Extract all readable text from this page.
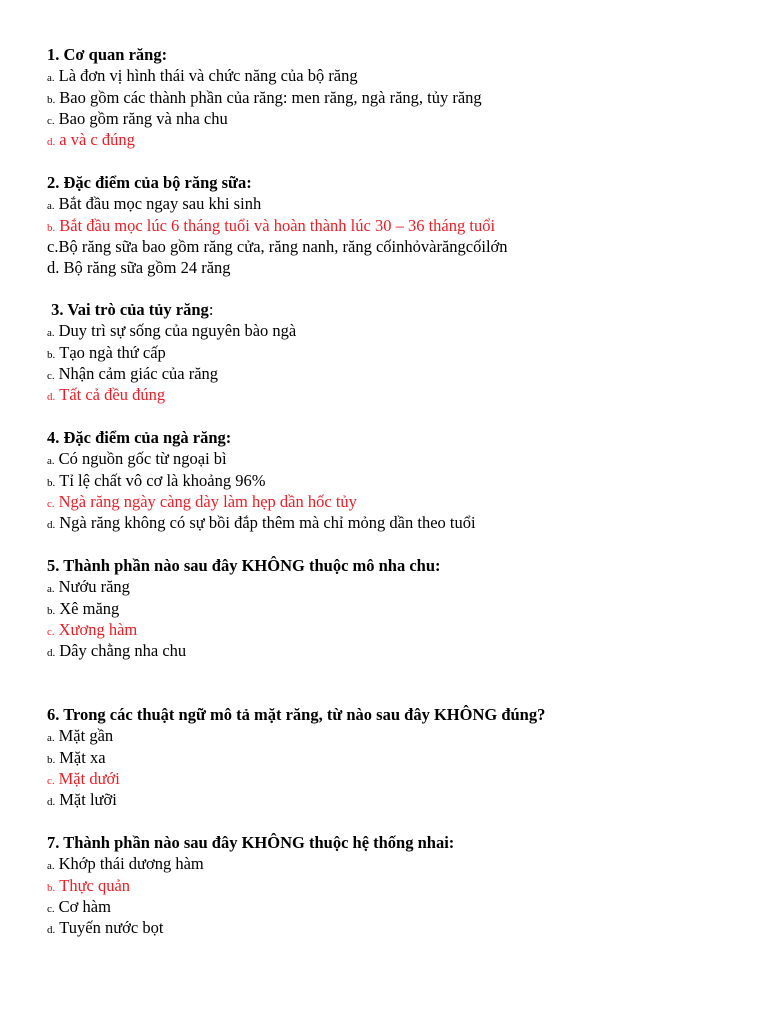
1. Cơ quan răng:
a. Là đơn vị hình thái và chức năng của bộ răng
b. Bao gồm các thành phần của răng: men răng, ngà răng, tủy răng
c. Bao gồm răng và nha chu
d. a và c đúng
2. Đặc điểm của bộ răng sữa:
a. Bắt đầu mọc ngay sau khi sinh
b. Bắt đầu mọc lúc 6 tháng tuổi và hoàn thành lúc 30 – 36 tháng tuổi
c.Bộ răng sữa bao gồm răng cửa, răng nanh, răng cốinhỏvàrăngcốilớn
d. Bộ răng sữa gồm 24 răng
3. Vai trò của tủy răng:
a. Duy trì sự sống của nguyên bào ngà
b. Tạo ngà thứ cấp
c. Nhận cảm giác của răng
d. Tất cả đều đúng
4. Đặc điểm của ngà răng:
a. Có nguồn gốc từ ngoại bì
b. Tỉ lệ chất vô cơ là khoảng 96%
c. Ngà răng ngày càng dày làm hẹp dần hốc tủy
d. Ngà răng không có sự bồi đắp thêm mà chỉ mỏng dần theo tuổi
5. Thành phần nào sau đây KHÔNG thuộc mô nha chu:
a. Nướu răng
b. Xê măng
c. Xương hàm
d. Dây chằng nha chu
6. Trong các thuật ngữ mô tả mặt răng, từ nào sau đây KHÔNG đúng?
a. Mặt gần
b. Mặt xa
c. Mặt dưới
d. Mặt lưỡi
7. Thành phần nào sau đây KHÔNG thuộc hệ thống nhai:
a. Khớp thái dương hàm
b. Thực quản
c. Cơ hàm
d. Tuyến nước bọt
